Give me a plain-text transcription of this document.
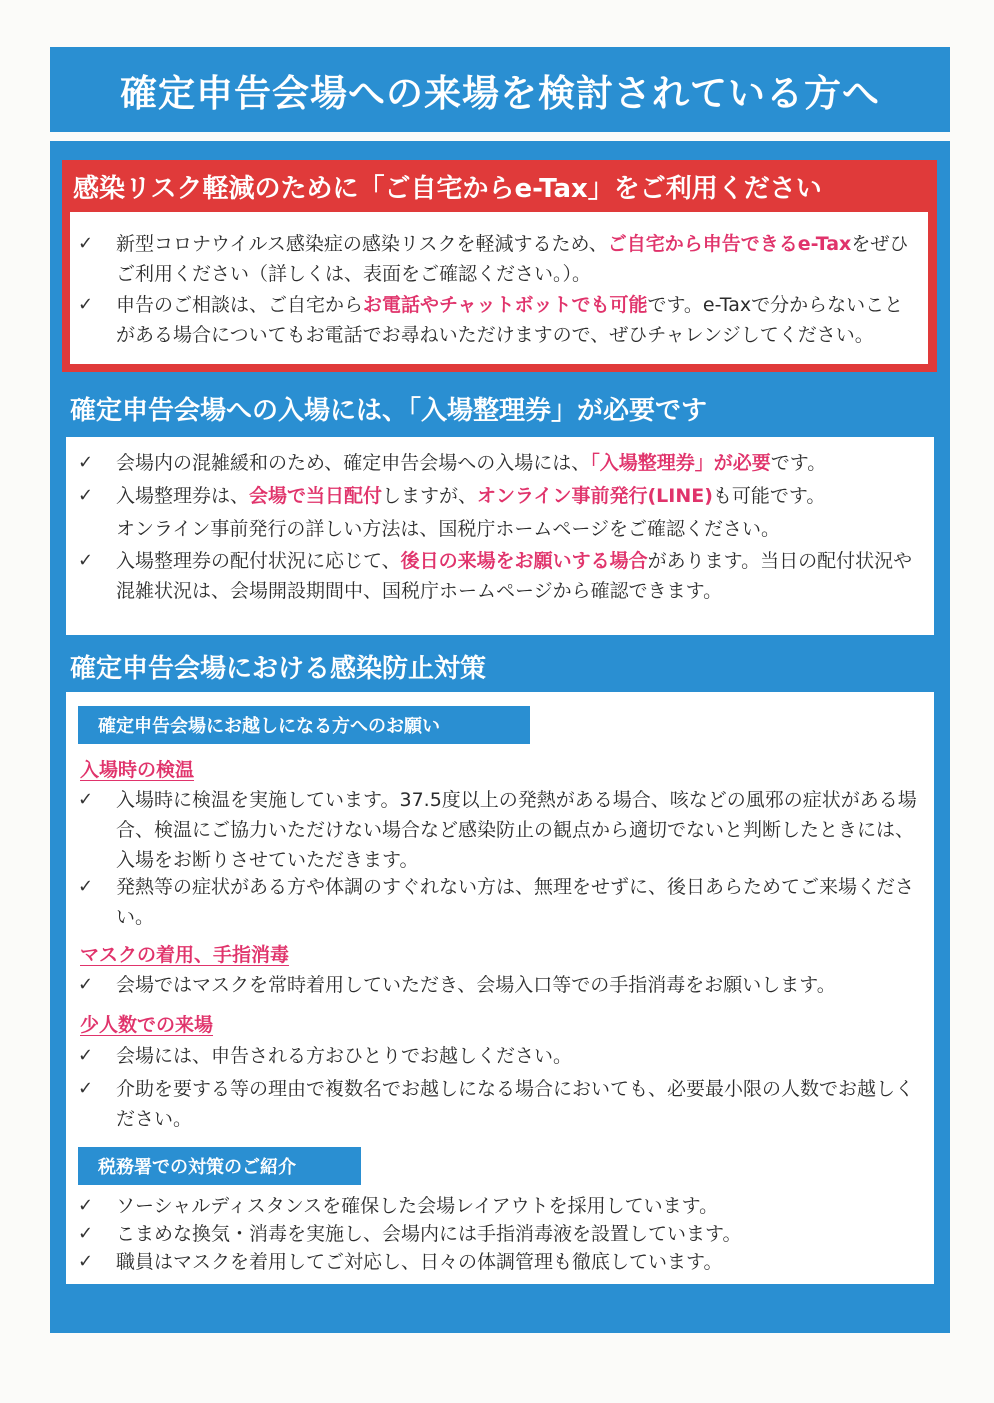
確定申告会場への来場を検討されている方へ
感染リスク軽減のために「ご自宅からe-Tax」をご利用ください
✓	新型コロナウイルス感染症の感染リスクを軽減するため、ご自宅から申告できるe-Taxをぜひご利用ください（詳しくは、表面をご確認ください。）。
✓	申告のご相談は、ご自宅からお電話やチャットボットでも可能です。e-Taxで分からないことがある場合についてもお電話でお尋ねいただけますので、ぜひチャレンジしてください。
確定申告会場への入場には、「入場整理券」が必要です
✓	会場内の混雑緩和のため、確定申告会場への入場には、「入場整理券」が必要です。
✓	入場整理券は、会場で当日配付しますが、オンライン事前発行(LINE)も可能です。
オンライン事前発行の詳しい方法は、国税庁ホームページをご確認ください。
✓	入場整理券の配付状況に応じて、後日の来場をお願いする場合があります。当日の配付状況や混雑状況は、会場開設期間中、国税庁ホームページから確認できます。
確定申告会場における感染防止対策
確定申告会場にお越しになる方へのお願い
入場時の検温
✓	入場時に検温を実施しています。37.5度以上の発熱がある場合、咳などの風邪の症状がある場合、検温にご協力いただけない場合など感染防止の観点から適切でないと判断したときには、入場をお断りさせていただきます。
✓	発熱等の症状がある方や体調のすぐれない方は、無理をせずに、後日あらためてご来場ください。
マスクの着用、手指消毒
✓	会場ではマスクを常時着用していただき、会場入口等での手指消毒をお願いします。
少人数での来場
✓	会場には、申告される方おひとりでお越しください。
✓	介助を要する等の理由で複数名でお越しになる場合においても、必要最小限の人数でお越しください。
税務署での対策のご紹介
✓	ソーシャルディスタンスを確保した会場レイアウトを採用しています。
✓	こまめな換気・消毒を実施し、会場内には手指消毒液を設置しています。
✓	職員はマスクを着用してご対応し、日々の体調管理も徹底しています。
